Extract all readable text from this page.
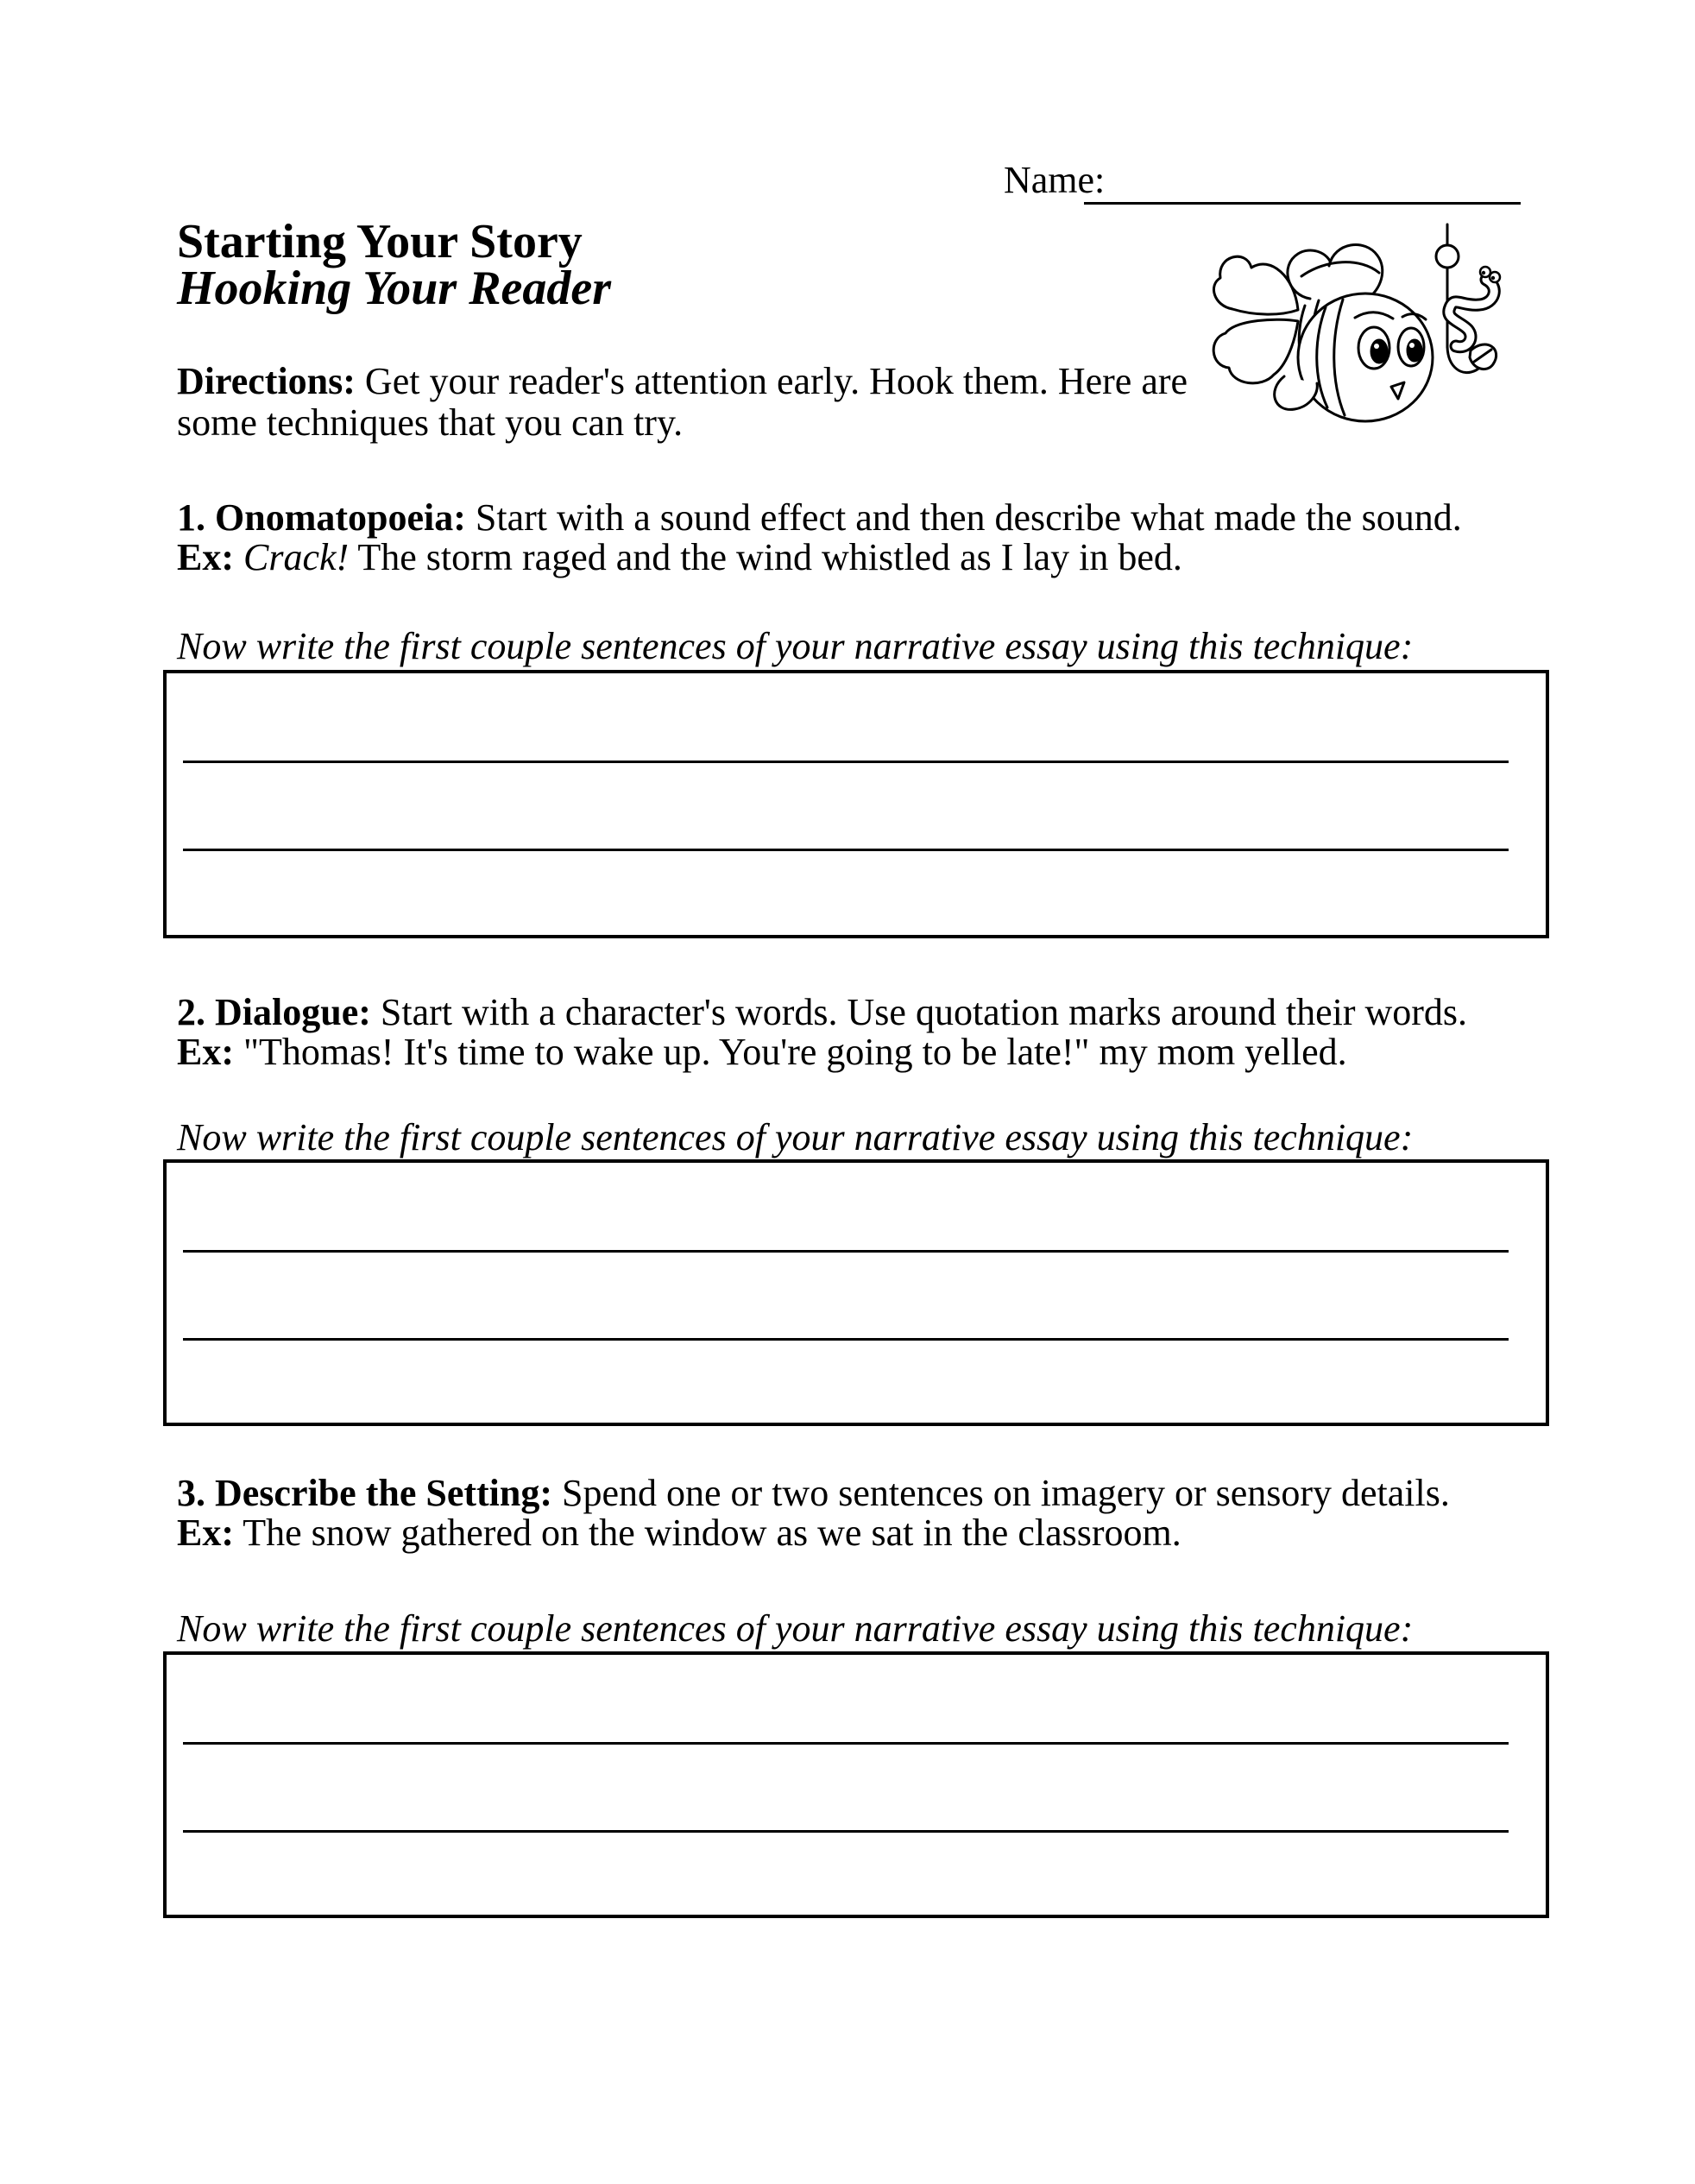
Name:
Starting Your Story
Hooking Your Reader

Directions: Get your reader's attention early. Hook them. Here are some techniques that you can try.

1. Onomatopoeia: Start with a sound effect and then describe what made the sound.
Ex: Crack! The storm raged and the wind whistled as I lay in bed.

Now write the first couple sentences of your narrative essay using this technique:

2. Dialogue: Start with a character's words. Use quotation marks around their words.
Ex: "Thomas! It's time to wake up. You're going to be late!" my mom yelled.

Now write the first couple sentences of your narrative essay using this technique:

3. Describe the Setting: Spend one or two sentences on imagery or sensory details.
Ex: The snow gathered on the window as we sat in the classroom.

Now write the first couple sentences of your narrative essay using this technique:
